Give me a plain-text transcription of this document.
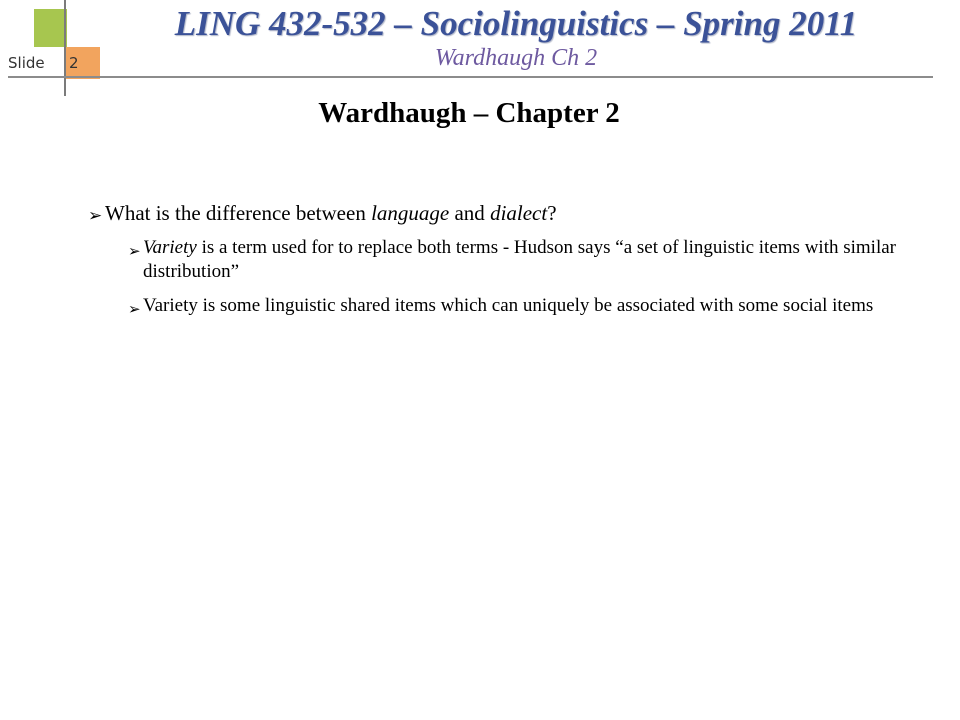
Slide 2
LING 432-532 – Sociolinguistics – Spring 2011
Wardhaugh Ch 2
Wardhaugh – Chapter 2
➢ What is the difference between language and dialect?
➢ Variety is a term used for to replace both terms - Hudson says “a set of linguistic items with similar distribution”
➢ Variety is some linguistic shared items which can uniquely be associated with some social items
